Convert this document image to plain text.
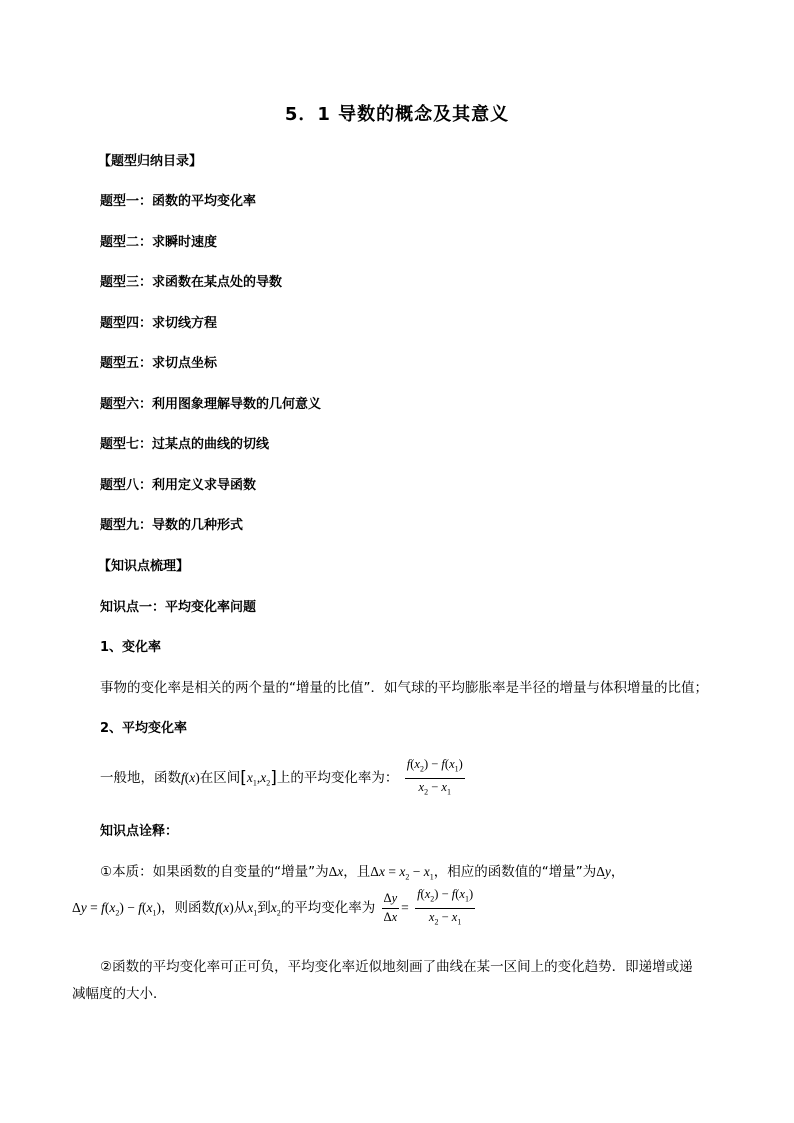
5．1 导数的概念及其意义
【题型归纳目录】
题型一：函数的平均变化率
题型二：求瞬时速度
题型三：求函数在某点处的导数
题型四：求切线方程
题型五：求切点坐标
题型六：利用图象理解导数的几何意义
题型七：过某点的曲线的切线
题型八：利用定义求导函数
题型九：导数的几种形式
【知识点梳理】
知识点一：平均变化率问题
1、变化率
事物的变化率是相关的两个量的“增量的比值”．如气球的平均膨胀率是半径的增量与体积增量的比值；
2、平均变化率
一般地，函数f(x)在区间$[x_1,x_2]$上的平均变化率为： $\frac{f(x_2) - f(x_1)}{x_2 - x_1}$
知识点诠释：
①本质：如果函数的自变量的“增量”为Δx，且$\Delta x = x_2 - x_1$，相应的函数值的“增量”为Δy，
$\Delta y = f(x_2) - f(x_1)$，则函数f(x)从$x_1$到$x_2$的平均变化率为 $\frac{\Delta y}{\Delta x} = \frac{f(x_2) - f(x_1)}{x_2 - x_1}$
②函数的平均变化率可正可负，平均变化率近似地刻画了曲线在某一区间上的变化趋势．即递增或递
减幅度的大小．
